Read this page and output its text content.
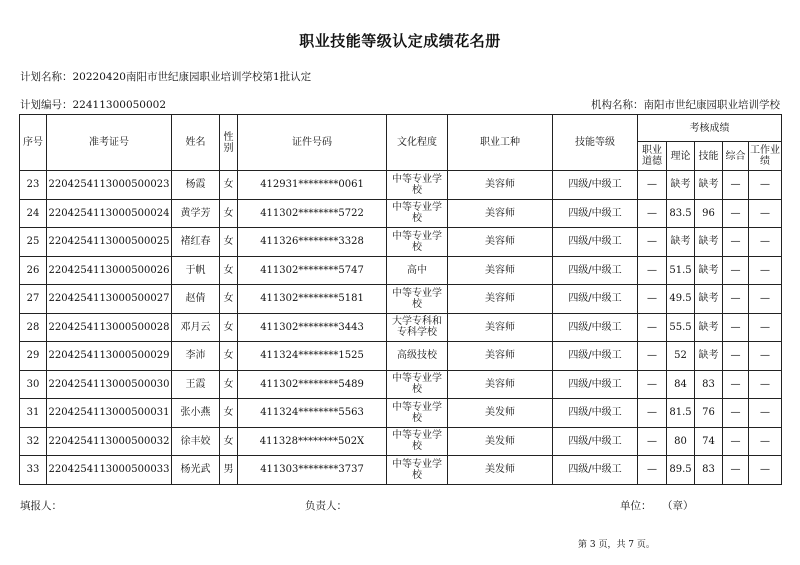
职业技能等级认定成绩花名册
计划名称：20220420南阳市世纪康园职业培训学校第1批认定
计划编号：22411300050002	机构名称：南阳市世纪康园职业培训学校
序号	准考证号	姓名	性别	证件号码	文化程度	职业工种	技能等级	考核成绩				
								职业道德	理论	技能	综合	工作业绩
23	2204254113000500023	杨霞	女	412931********0061	中等专业学校	美容师	四级/中级工	—	缺考	缺考	—	—
24	2204254113000500024	黄学芳	女	411302********5722	中等专业学校	美容师	四级/中级工	—	83.5	96	—	—
25	2204254113000500025	褚红春	女	411326********3328	中等专业学校	美容师	四级/中级工	—	缺考	缺考	—	—
26	2204254113000500026	于帆	女	411302********5747	高中	美容师	四级/中级工	—	51.5	缺考	—	—
27	2204254113000500027	赵倩	女	411302********5181	中等专业学校	美容师	四级/中级工	—	49.5	缺考	—	—
28	2204254113000500028	邓月云	女	411302********3443	大学专科和专科学校	美容师	四级/中级工	—	55.5	缺考	—	—
29	2204254113000500029	李沛	女	411324********1525	高级技校	美容师	四级/中级工	—	52	缺考	—	—
30	2204254113000500030	王霞	女	411302********5489	中等专业学校	美容师	四级/中级工	—	84	83	—	—
31	2204254113000500031	张小燕	女	411324********5563	中等专业学校	美发师	四级/中级工	—	81.5	76	—	—
32	2204254113000500032	徐丰姣	女	411328********502X	中等专业学校	美发师	四级/中级工	—	80	74	—	—
33	2204254113000500033	杨光武	男	411303********3737	中等专业学校	美发师	四级/中级工	—	89.5	83	—	—
填报人：	负责人：	单位：　　（章）
第 3 页，共 7 页。
